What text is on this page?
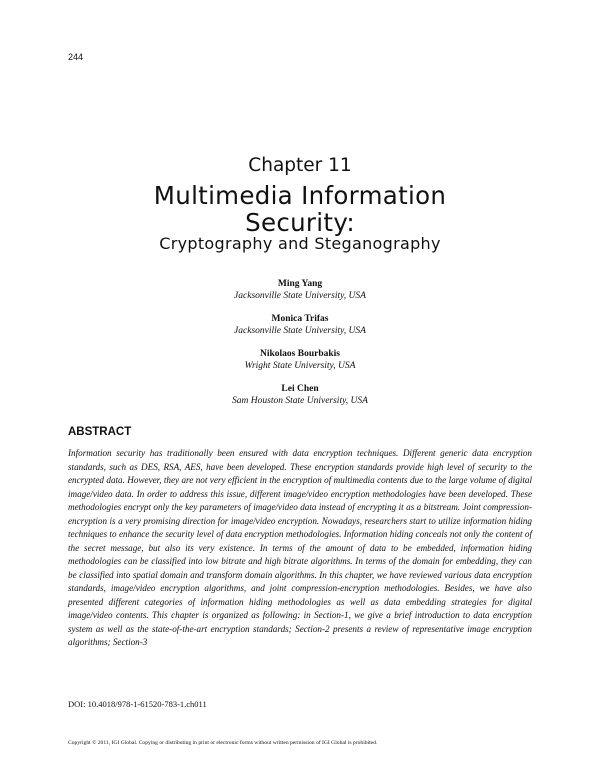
244
Chapter 11
Multimedia Information
Security:
Cryptography and Steganography
Ming Yang
Jacksonville State University, USA
Monica Trifas
Jacksonville State University, USA
Nikolaos Bourbakis
Wright State University, USA
Lei Chen
Sam Houston State University, USA
ABSTRACT

Information security has traditionally been ensured with data encryption techniques. Different generic data encryption standards, such as DES, RSA, AES, have been developed. These encryption standards provide high level of security to the encrypted data. However, they are not very efficient in the encryption of multimedia contents due to the large volume of digital image/video data. In order to address this issue, different image/video encryption methodologies have been developed. These methodologies encrypt only the key parameters of image/video data instead of encrypting it as a bitstream. Joint compression-encryption is a very promising direction for image/video encryption. Nowadays, researchers start to utilize information hiding techniques to enhance the security level of data encryption methodologies. Information hiding conceals not only the content of the secret message, but also its very existence. In terms of the amount of data to be embedded, information hiding methodologies can be classified into low bitrate and high bitrate algorithms. In terms of the domain for embedding, they can be classified into spatial domain and transform domain algorithms. In this chapter, we have reviewed various data encryption standards, image/video encryption algorithms, and joint compression-encryption methodologies. Besides, we have also presented different categories of information hiding methodologies as well as data embedding strategies for digital image/video contents. This chapter is organized as following: in Section-1, we give a brief introduction to data encryption system as well as the state-of-the-art encryption standards; Section-2 presents a review of representative image encryption algorithms; Section-3

DOI: 10.4018/978-1-61520-783-1.ch011
Copyright © 2011, IGI Global. Copying or distributing in print or electronic forms without written permission of IGI Global is prohibited.
